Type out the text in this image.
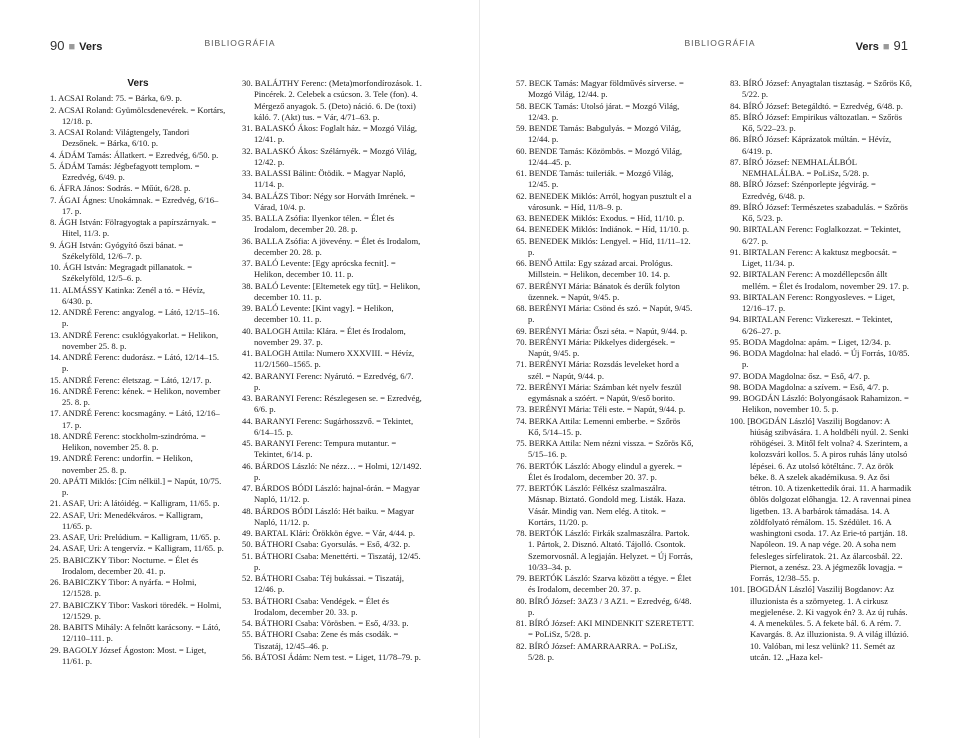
90 ■ Vers	BIBLIOGRÁFIA
Vers
1. ACSAI Roland: 75. = Bárka, 6/9. p.
2. ACSAI Roland: Gyümölcsdenevérek. = Kortárs, 12/18. p.
3. ACSAI Roland: Világtengely, Tandori Dezsőnek. = Bárka, 6/10. p.
4. ÁDÁM Tamás: Állatkert. = Ezredvég, 6/50. p.
5. ÁDÁM Tamás: Jégbefagyott templom. = Ezredvég, 6/49. p.
6. ÁFRA János: Sodrás. = Műút, 6/28. p.
7. ÁGAI Ágnes: Unokámnak. = Ezredvég, 6/16–17. p.
8. ÁGH István: Fölragyogtak a papírszárnyak. = Hitel, 11/3. p.
9. ÁGH István: Gyógyító őszi bánat. = Székelyföld, 12/6–7. p.
10. ÁGH István: Megragadt pillanatok. = Székelyföld, 12/5–6. p.
11. ALMÁSSY Katinka: Zenél a tó. = Hévíz, 6/430. p.
12. ANDRÉ Ferenc: angyalog. = Látó, 12/15–16. p.
13. ANDRÉ Ferenc: csuklógyakorlat. = Helikon, november 25. 8. p.
14. ANDRÉ Ferenc: dudorász. = Látó, 12/14–15. p.
15. ANDRÉ Ferenc: életszag. = Látó, 12/17. p.
16. ANDRÉ Ferenc: kének. = Helikon, november 25. 8. p.
17. ANDRÉ Ferenc: kocsmagány. = Látó, 12/16–17. p.
18. ANDRÉ Ferenc: stockholm-szindróma. = Helikon, november 25. 8. p.
19. ANDRÉ Ferenc: undorfin. = Helikon, november 25. 8. p.
20. APÁTI Miklós: [Cím nélkül.] = Napút, 10/75. p.
21. ASAF, Uri: A látóidég. = Kalligram, 11/65. p.
22. ASAF, Uri: Menedékváros. = Kalligram, 11/65. p.
23. ASAF, Uri: Prelúdium. = Kalligram, 11/65. p.
24. ASAF, Uri: A tengervíz. = Kalligram, 11/65. p.
25. BABICZKY Tibor: Nocturne. = Élet és Irodalom, december 20. 41. p.
26. BABICZKY Tibor: A nyárfa. = Holmi, 12/1528. p.
27. BABICZKY Tibor: Vaskori töredék. = Holmi, 12/1529. p.
28. BABITS Mihály: A felnőtt karácsony. = Látó, 12/110–111. p.
29. BAGOLY József Ágoston: Most. = Liget, 11/61. p.
30. BALÁJTHY Ferenc: (Meta)morfondírozások. 1. Pincérek. 2. Celebek a csúcson. 3. Tele (fon). 4. Mérgező anyagok. 5. (Deto) náció. 6. De (toxi) káló. 7. (Akt) tus. = Vár, 4/71–63. p.
31. BALASKÓ Ákos: Foglalt ház. = Mozgó Világ, 12/41. p.
32. BALASKÓ Ákos: Szélárnyék. = Mozgó Világ, 12/42. p.
33. BALASSI Bálint: Ötödik. = Magyar Napló, 11/14. p.
34. BALÁZS Tibor: Négy sor Horváth Imrének. = Várad, 10/4. p.
35. BALLA Zsófia: Ilyenkor télen. = Élet és Irodalom, december 20. 28. p.
36. BALLA Zsófia: A jövevény. = Élet és Irodalom, december 20. 28. p.
37. BALÓ Levente: [Egy aprócska fecnit]. = Helikon, december 10. 11. p.
38. BALÓ Levente: [Eltemetek egy tűt]. = Helikon, december 10. 11. p.
39. BALÓ Levente: [Kint vagy]. = Helikon, december 10. 11. p.
40. BALOGH Attila: Klára. = Élet és Irodalom, november 29. 37. p.
41. BALOGH Attila: Numero XXXVIII. = Hévíz, 11/2/1560–1565. p.
42. BARANYI Ferenc: Nyárutó. = Ezredvég, 6/7. p.
43. BARANYI Ferenc: Részlegesen se. = Ezredvég, 6/6. p.
44. BARANYI Ferenc: Sugárhosszvő. = Tekintet, 6/14–15. p.
45. BARANYI Ferenc: Tempura mutantur. = Tekintet, 6/14. p.
46. BÁRDOS László: Ne nézz… = Holmi, 12/1492. p.
47. BÁRDOS BÓDI László: hajnal-órán. = Magyar Napló, 11/12. p.
48. BÁRDOS BÓDI László: Hét baiku. = Magyar Napló, 11/12. p.
49. BARTAL Klári: Örökkön égve. = Vár, 4/44. p.
50. BÁTHORI Csaba: Gyorsulás. = Eső, 4/32. p.
51. BÁTHORI Csaba: Menettérti. = Tiszatáj, 12/45. p.
52. BÁTHORI Csaba: Téj bukássai. = Tiszatáj, 12/46. p.
53. BÁTHORI Csaba: Vendégek. = Élet és Irodalom, december 20. 33. p.
54. BÁTHORI Csaba: Vörösben. = Eső, 4/33. p.
55. BÁTHORI Csaba: Zene és más csodák. = Tiszatáj, 12/45–46. p.
56. BÁTOSI Ádám: Nem test. = Liget, 11/78–79. p.
BIBLIOGRÁFIA	Vers ■ 91
57. BECK Tamás: Magyar földművés sírverse. = Mozgó Világ, 12/44. p.
58. BECK Tamás: Utolsó járat. = Mozgó Világ, 12/43. p.
59. BENDE Tamás: Babgulyás. = Mozgó Világ, 12/44. p.
60. BENDE Tamás: Közömbös. = Mozgó Világ, 12/44–45. p.
61. BENDE Tamás: tuileriák. = Mozgó Világ, 12/45. p.
62. BENEDEK Miklós: Arról, hogyan pusztult el a városunk. = Híd, 11/8–9. p.
63. BENEDEK Miklós: Exodus. = Híd, 11/10. p.
64. BENEDEK Miklós: Indiánok. = Híd, 11/10. p.
65. BENEDEK Miklós: Lengyel. = Híd, 11/11–12. p.
66. BENŐ Attila: Egy század arcai. Prológus. Millstein. = Helikon, december 10. 14. p.
67. BERÉNYI Mária: Bánatok és derűk folyton üzennek. = Napút, 9/45. p.
68. BERÉNYI Mária: Csönd és szó. = Napút, 9/45. p.
69. BERÉNYI Mária: Őszi séta. = Napút, 9/44. p.
70. BERÉNYI Mária: Pikkelyes didergések. = Napút, 9/45. p.
71. BERÉNYI Mária: Rozsdás leveleket hord a szél. = Napút, 9/44. p.
72. BERÉNYI Mária: Számban két nyelv feszül egymásnak a szóért. = Napút, 9/eső borito.
73. BERÉNYI Mária: Téli este. = Napút, 9/44. p.
74. BERKA Attila: Lemenni emberbe. = Szőrös Kő, 5/14–15. p.
75. BERKA Attila: Nem nézni vissza. = Szőrös Kő, 5/15–16. p.
76. BERTÓK László: Abogy elindul a gyerek. = Élet és Irodalom, december 20. 37. p.
77. BERTÓK László: Félkész szalmaszálra. Másnap. Biztató. Gondold meg. Listák. Haza. Vásár. Mindig van. Nem elég. A titok. = Kortárs, 11/20. p.
78. BERTÓK László: Firkák szalmaszálra. Partok. 1. Pártok, 2. Disznó. Altató. Tájolló. Csontok. Szemorvosnál. A legjaján. Helyzet. = Új Forrás, 10/33–34. p.
79. BERTÓK László: Szarva között a tégye. = Élet és Irodalom, december 20. 37. p.
80. BÍRÓ József: 3AZ3 / 3 AZ1. = Ezredvég, 6/48. p.
81. BÍRÓ József: AKI MINDENKIT SZERETETT. = PoLiSz, 5/28. p.
82. BÍRÓ József: AMARRAARRA. = PoLiSz, 5/28. p.
83. BÍRÓ József: Anyagtalan tisztaság. = Szőrös Kő, 5/22. p.
84. BÍRÓ József: Betegáldtó. = Ezredvég, 6/48. p.
85. BÍRÓ József: Empirikus változatlan. = Szőrös Kő, 5/22–23. p.
86. BÍRÓ József: Káprázatok múltán. = Hévíz, 6/419. p.
87. BÍRÓ József: NEMHALÁLBÓL NEMHALÁLBA. = PoLiSz, 5/28. p.
88. BÍRÓ József: Szénporlepte jégvirág. = Ezredvég, 6/48. p.
89. BÍRÓ József: Természetes szabadulás. = Szőrös Kő, 5/23. p.
90. BIRTALAN Ferenc: Foglalkozzat. = Tekintet, 6/27. p.
91. BIRTALAN Ferenc: A kaktusz megbocsát. = Liget, 11/34. p.
92. BIRTALAN Ferenc: A mozdéllepcsőn állt mellém. = Élet és Irodalom, november 29. 17. p.
93. BIRTALAN Ferenc: Rongyosleves. = Liget, 12/16–17. p.
94. BIRTALAN Ferenc: Vizkereszt. = Tekintet, 6/26–27. p.
95. BODA Magdolna: apám. = Liget, 12/34. p.
96. BODA Magdolna: hal eladó. = Új Forrás, 10/85. p.
97. BODA Magdolna: ősz. = Eső, 4/7. p.
98. BODA Magdolna: a szívem. = Eső, 4/7. p.
99. BOGDÁN László: Bolyongásaok Rahamizon. = Helikon, november 10. 5. p.
100. [BOGDÁN László] Vaszilij Bogdanov: A hiúság szibvására. 1. A holdbéli nyúl. 2. Senki röhögései. 3. Mitől felt volna? 4. Szerintem, a kolozsvári kollos. 5. A piros ruhás lány utolsó lépései. 6. Az utolsó kötéltánc. 7. Az örök béke. 8. A szelek akadémikusa. 9. Az ősi tétron. 10. A tizenkettedik órai. 11. A harmadik öblös dolgozat előhangja. 12. A ravennai pinea ligetben. 13. A barbárok támadása. 14. A zöldfolyató rémálom. 15. Szédület. 16. A washingtoni csoda. 17. Az Erie-tó partján. 18. Napóleon. 19. A nap vége. 20. A soha nem felesleges sírfeliratok. 21. Az álarcosbál. 22. Piernot, a zenész. 23. A jégmezők lovagja. = Forrás, 12/38–55. p.
101. [BOGDÁN László] Vaszilij Bogdanov: Az illuzionista és a szörnyeteg. 1. A cirkusz megjelenése. 2. Ki vagyok én? 3. Az új ruhás. 4. A meneküles. 5. A fekete bál. 6. A rém. 7. Kavargás. 8. Az illuzionista. 9. A világ illúzió. 10. Valóban, mi lesz velünk? 11. Semét az utcán. 12. „Haza kel-
